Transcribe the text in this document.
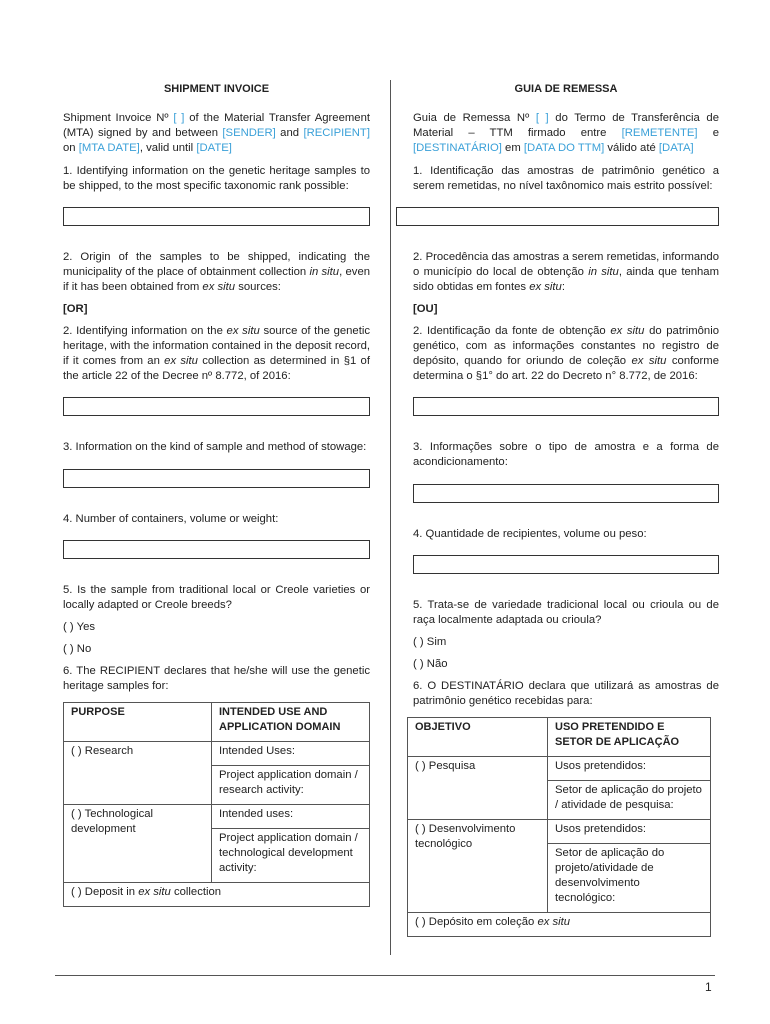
SHIPMENT INVOICE

Shipment Invoice Nº [ ] of the Material Transfer Agreement (MTA) signed by and between [SENDER] and [RECIPIENT] on [MTA DATE], valid until [DATE]

1. Identifying information on the genetic heritage samples to be shipped, to the most specific taxonomic rank possible:

2. Origin of the samples to be shipped, indicating the municipality of the place of obtainment collection in situ, even if it has been obtained from ex situ sources:

[OR]

2. Identifying information on the ex situ source of the genetic heritage, with the information contained in the deposit record, if it comes from an ex situ collection as determined in §1 of the article 22 of the Decree nº 8.772, of 2016:

3. Information on the kind of sample and method of stowage:

4. Number of containers, volume or weight:

5. Is the sample from traditional local or Creole varieties or locally adapted or Creole breeds?

( ) Yes

( ) No

6. The RECIPIENT declares that he/she will use the genetic heritage samples for:

PURPOSE	INTENDED USE AND APPLICATION DOMAIN
( ) Research	Intended Uses:
	Project application domain / research activity:
( ) Technological development	Intended uses:
	Project application domain / technological development activity:
( ) Deposit in ex situ collection	
GUIA DE REMESSA

Guia de Remessa Nº [ ] do Termo de Transferência de Material – TTM firmado entre [REMETENTE] e [DESTINATÁRIO] em [DATA DO TTM] válido até [DATA]

1. Identificação das amostras de patrimônio genético a serem remetidas, no nível taxônomico mais estrito possível:

2. Procedência das amostras a serem remetidas, informando o município do local de obtenção in situ, ainda que tenham sido obtidas em fontes ex situ:

[OU]

2. Identificação da fonte de obtenção ex situ do patrimônio genético, com as informações constantes no registro de depósito, quando for oriundo de coleção ex situ conforme determina o §1° do art. 22 do Decreto n° 8.772, de 2016:

3. Informações sobre o tipo de amostra e a forma de acondicionamento:

4. Quantidade de recipientes, volume ou peso:

5. Trata-se de variedade tradicional local ou crioula ou de raça localmente adaptada ou crioula?

( ) Sim

( ) Não

6. O DESTINATÁRIO declara que utilizará as amostras de patrimônio genético recebidas para:

OBJETIVO	USO PRETENDIDO E SETOR DE APLICAÇÃO
( ) Pesquisa	Usos pretendidos:
	Setor de aplicação do projeto / atividade de pesquisa:
( ) Desenvolvimento tecnológico	Usos pretendidos:
	Setor de aplicação do projeto/atividade de desenvolvimento tecnológico:
( ) Depósito em coleção ex situ	
1
